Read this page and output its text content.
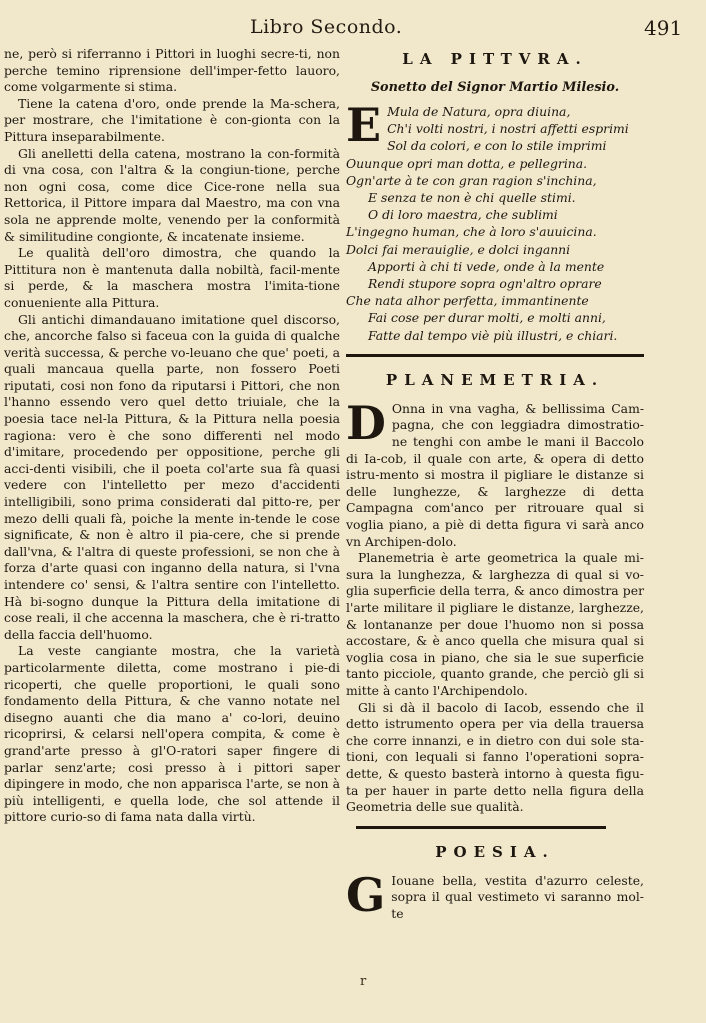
Libro Secondo.	491

ne, però si riferranno i Pittori in luoghi secre-ti, non perche temino riprensione dell'imper-fetto lauoro, come volgarmente si stima.

Tiene la catena d'oro, onde prende la Ma-schera, per mostrare, che l'imitatione è con-gionta con la Pittura inseparabilmente.

Gli anelletti della catena, mostrano la con-formità di vna cosa, con l'altra & la congiun-tione, perche non ogni cosa, come dice Cice-rone nella sua Rettorica, il Pittore impara dal Maestro, ma con vna sola ne apprende molte, venendo per la conformità & similitudine congionte, & incatenate insieme.

Le qualità dell'oro dimostra, che quando la Pittitura non è mantenuta dalla nobiltà, facil-mente si perde, & la maschera mostra l'imita-tione conueniente alla Pittura.

Gli antichi dimandauano imitatione quel discorso, che, ancorche falso si faceua con la guida di qualche verità successa, & perche vo-leuano che que' poeti, a quali mancaua quella parte, non fossero Poeti riputati, cosi non fono da riputarsi i Pittori, che non l'hanno essendo vero quel detto triuiale, che la poesia tace nel-la Pittura, & la Pittura nella poesia ragiona: vero è che sono differenti nel modo d'imitare, procedendo per oppositione, perche gli acci-denti visibili, che il poeta col'arte sua fà quasi vedere con l'intelletto per mezo d'accidenti intelligibili, sono prima considerati dal pitto-re, per mezo delli quali fà, poiche la mente in-tende le cose significate, & non è altro il pia-cere, che si prende dall'vna, & l'altra di queste professioni, se non che à forza d'arte quasi con inganno della natura, si l'vna intendere co' sensi, & l'altra sentire con l'intelletto. Hà bi-sogno dunque la Pittura della imitatione di cose reali, il che accenna la maschera, che è ri-tratto della faccia dell'huomo.

La veste cangiante mostra, che la varietà particolarmente diletta, come mostrano i pie-di ricoperti, che quelle proportioni, le quali sono fondamento della Pittura, & che vanno notate nel disegno auanti che dia mano a' co-lori, deuino ricoprirsi, & celarsi nell'opera compita, & come è grand'arte presso à gl'O-ratori saper fingere di parlar senz'arte; cosi presso à i pittori saper dipingere in modo, che non apparisca l'arte, se non à più intelligenti, e quella lode, che sol attende il pittore curio-so di fama nata dalla virtù.

LA PITTVRA.
Sonetto del Signor Martio Milesio.
E Mula de Natura, opra diuina,
Ch'i volti nostri, i nostri affetti esprimi
Sol da colori, e con lo stile imprimi
Ouunque opri man dotta, e pellegrina.
Ogn'arte à te con gran ragion s'inchina,
E senza te non è chi quelle stimi.
O di loro maestra, che sublimi
L'ingegno human, che à loro s'auuicina.
Dolci fai merauiglie, e dolci inganni
Apporti à chi ti vede, onde à la mente
Rendi stupore sopra ogn'altro oprare
Che nata alhor perfetta, immantinente
Fai cose per durar molti, e molti anni,
Fatte dal tempo viè più illustri, e chiari.
PLANEMETRIA.

D Onna in vna vagha, & bellissima Cam-pagna, che con leggiadra dimostratio-ne tenghi con ambe le mani il Baccolo di Ia-cob, il quale con arte, & opera di detto istru-mento si mostra il pigliare le distanze si delle lunghezze, & larghezze di detta Campagna com'anco per ritrouare qual si voglia piano, a piè di detta figura vi sarà anco vn Archipen-dolo.

Planemetria è arte geometrica la quale mi-sura la lunghezza, & larghezza di qual si vo-glia superficie della terra, & anco dimostra per l'arte militare il pigliare le distanze, larghezze, & lontananze per doue l'huomo non si possa accostare, & è anco quella che misura qual si voglia cosa in piano, che sia le sue superficie tanto picciole, quanto grande, che perciò gli si mitte à canto l'Archipendolo.

Gli si dà il bacolo di Iacob, essendo che il detto istrumento opera per via della trauersa che corre innanzi, e in dietro con dui sole sta-tioni, con lequali si fanno l'operationi sopra-dette, & questo basterà intorno à questa figu-ta per hauer in parte detto nella figura della Geometria delle sue qualità.

POESIA.

G Iouane bella, vestita d'azurro celeste, sopra il qual vestimeto vi saranno mol-te

r
